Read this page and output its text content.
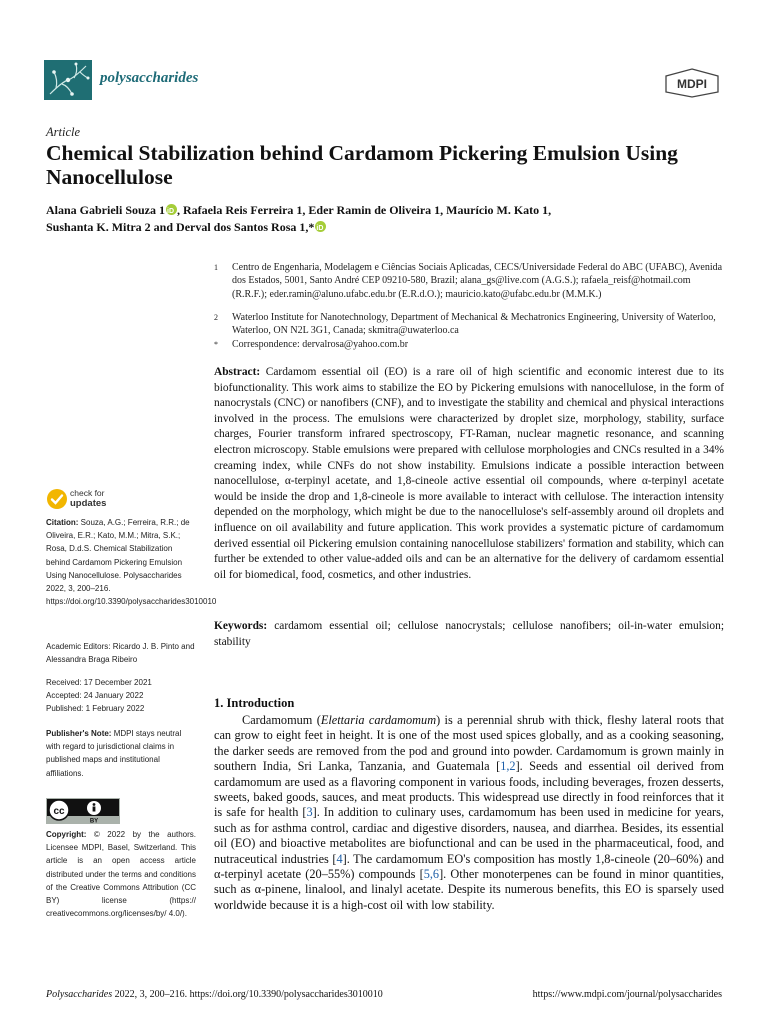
polysaccharides	MDPI
Article
Chemical Stabilization behind Cardamom Pickering Emulsion Using Nanocellulose
Alana Gabrieli Souza 1iD , Rafaela Reis Ferreira 1, Eder Ramin de Oliveira 1, Maurício M. Kato 1,
Sushanta K. Mitra 2 and Derval dos Santos Rosa 1,*iD
1 Centro de Engenharia, Modelagem e Ciências Sociais Aplicadas, CECS/Universidade Federal do ABC (UFABC), Avenida dos Estados, 5001, Santo André CEP 09210-580, Brazil; alana_gs@live.com (A.G.S.); rafaela_reisf@hotmail.com (R.R.F.); eder.ramin@aluno.ufabc.edu.br (E.R.d.O.); mauricio.kato@ufabc.edu.br (M.M.K.)
2 Waterloo Institute for Nanotechnology, Department of Mechanical & Mechatronics Engineering, University of Waterloo, Waterloo, ON N2L 3G1, Canada; skmitra@uwaterloo.ca
* Correspondence: dervalrosa@yahoo.com.br
Abstract: Cardamom essential oil (EO) is a rare oil of high scientific and economic interest due to its biofunctionality. This work aims to stabilize the EO by Pickering emulsions with nanocellulose, in the form of nanocrystals (CNC) or nanofibers (CNF), and to investigate the stability and chemical and physical interactions involved in the process. The emulsions were characterized by droplet size, morphology, stability, surface charges, Fourier transform infrared spectroscopy, FT-Raman, nuclear magnetic resonance, and scanning electron microscopy. Stable emulsions were prepared with cellulose morphologies and CNCs resulted in a 34% creaming index, while CNFs do not show instability. Emulsions indicate a possible interaction between nanocellulose, α-terpinyl acetate, and 1,8-cineole active essential oil compounds, where α-terpinyl acetate would be inside the drop and 1,8-cineole is more available to interact with cellulose. The interaction intensity depended on the morphology, which might be due to the nanocellulose's self-assembly around oil droplets and influence on oil availability and future application. This work provides a systematic picture of cardamomum derived essential oil Pickering emulsion containing nanocellulose stabilizers' formation and stability, which can further be extended to other value-added oils and can be an alternative for the delivery of cardamom essential oil for biomedical, food, cosmetics, and other industries.
Keywords: cardamom essential oil; cellulose nanocrystals; cellulose nanofibers; oil-in-water emulsion; stability
check for
updates
Citation: Souza, A.G.; Ferreira, R.R.; de Oliveira, E.R.; Kato, M.M.; Mitra, S.K.; Rosa, D.d.S. Chemical Stabilization behind Cardamom Pickering Emulsion Using Nanocellulose. Polysaccharides 2022, 3, 200–216. https://doi.org/10.3390/polysaccharides3010010
Academic Editors: Ricardo J. B. Pinto and Alessandra Braga Ribeiro
Received: 17 December 2021
Accepted: 24 January 2022
Published: 1 February 2022
Publisher's Note: MDPI stays neutral with regard to jurisdictional claims in published maps and institutional affiliations.
cc
BY
Copyright: © 2022 by the authors. Licensee MDPI, Basel, Switzerland. This article is an open access article distributed under the terms and conditions of the Creative Commons Attribution (CC BY) license (https:// creativecommons.org/licenses/by/ 4.0/).
1. Introduction
Cardamomum (Elettaria cardamomum) is a perennial shrub with thick, fleshy lateral roots that can grow to eight feet in height. It is one of the most used spices globally, and as a cooking seasoning, the darker seeds are removed from the pod and ground into powder. Cardamomum is grown mainly in southern India, Sri Lanka, Tanzania, and Guatemala [1,2]. Seeds and essential oil derived from cardamomum are used as a flavoring component in various foods, including beverages, frozen desserts, sweets, baked goods, sauces, and meat products. This widespread use directly in food reinforces that it is safe for health [3]. In addition to culinary uses, cardamomum has been used in medicine for years, such as for asthma control, cardiac and digestive disorders, nausea, and diarrhea. Besides, its essential oil (EO) and bioactive metabolites are biofunctional and can be used in the pharmaceutical, food, and nutraceutical industries [4]. The cardamomum EO's composition has mostly 1,8-cineole (20–60%) and α-terpinyl acetate (20–55%) compounds [5,6]. Other monoterpenes can be found in minor quantities, such as α-pinene, linalool, and linalyl acetate. Despite its numerous benefits, this EO is sparsely used worldwide because it is a high-cost oil with low stability.
Polysaccharides 2022, 3, 200–216. https://doi.org/10.3390/polysaccharides3010010	https://www.mdpi.com/journal/polysaccharides
